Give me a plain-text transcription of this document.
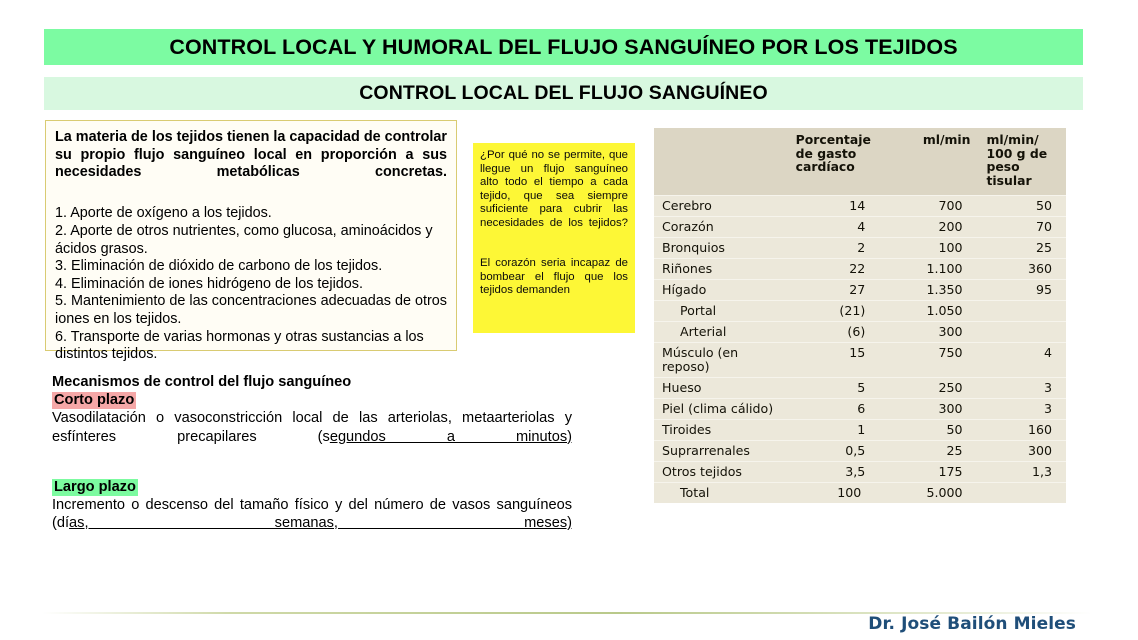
CONTROL LOCAL Y HUMORAL DEL FLUJO SANGUÍNEO POR LOS TEJIDOS
CONTROL LOCAL DEL FLUJO SANGUÍNEO

La materia de los tejidos tienen la capacidad de controlar su propio flujo sanguíneo local en proporción a sus necesidades metabólicas concretas.

1. Aporte de oxígeno a los tejidos.
2. Aporte de otros nutrientes, como glucosa, aminoácidos y ácidos grasos.
3. Eliminación de dióxido de carbono de los tejidos.
4. Eliminación de iones hidrógeno de los tejidos.
5. Mantenimiento de las concentraciones adecuadas de otros iones en los tejidos.
6. Transporte de varias hormonas y otras sustancias a los distintos tejidos.

¿Por qué no se permite, que llegue un flujo sanguíneo alto todo el tiempo a cada tejido, que sea siempre suficiente para cubrir las necesidades de los tejidos?

El corazón seria incapaz de bombear el flujo que los tejidos demanden

Mecanismos de control del flujo sanguíneo
Corto plazo
Vasodilatación o vasoconstricción local de las arteriolas, metaarteriolas y esfínteres precapilares (segundos a minutos)
Largo plazo
Incremento o descenso del tamaño físico y del número de vasos sanguíneos (días, semanas, meses)
	Porcentaje de gasto cardíaco	ml/min	ml/min/ 100 g de peso tisular
Cerebro	14	700	50
Corazón	4	200	70
Bronquios	2	100	25
Riñones	22	1.100	360
Hígado	27	1.350	95
Portal	(21)	1.050	
Arterial	(6)	300	
Músculo (en reposo)	15	750	4
Hueso	5	250	3
Piel (clima cálido)	6	300	3
Tiroides	1	50	160
Suprarrenales	0,5	25	300
Otros tejidos	3,5	175	1,3
Total	100	5.000	
Dr. José Bailón Mieles
